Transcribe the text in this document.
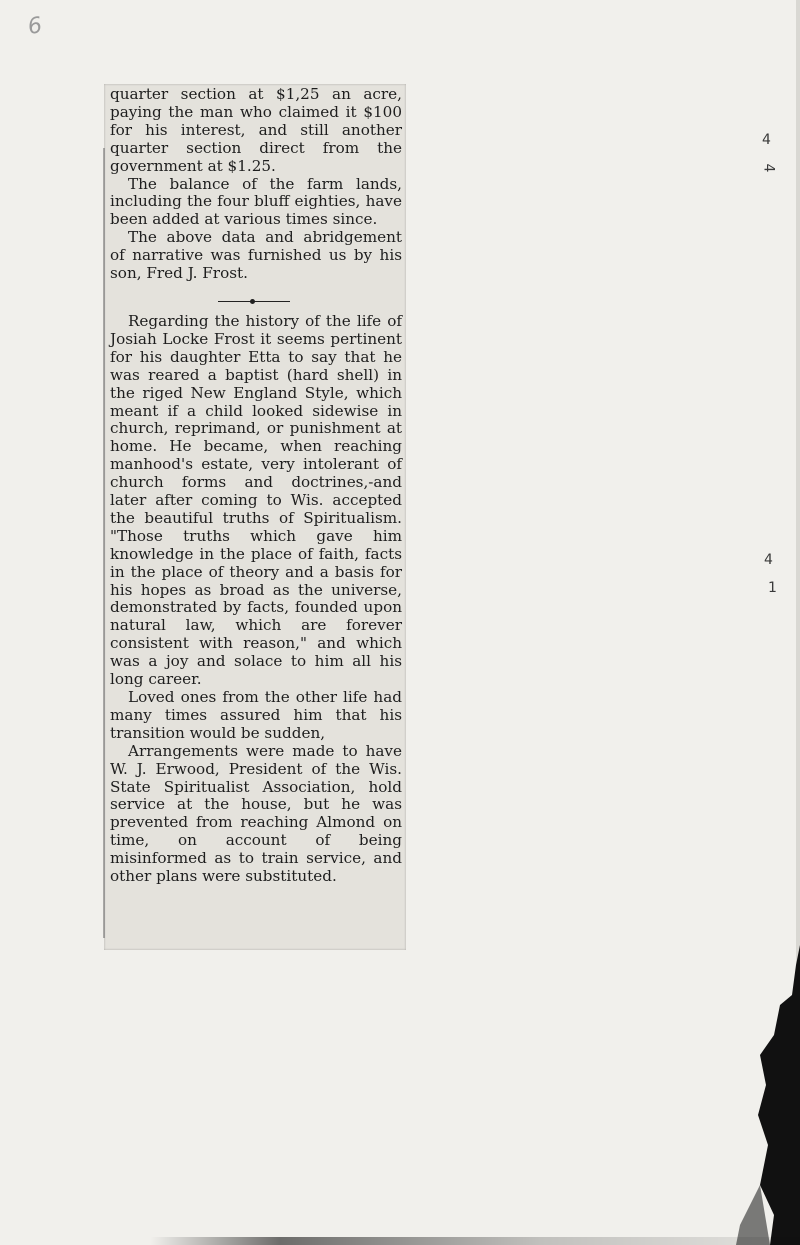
6

quarter section at $1,25 an acre, paying the man who claimed it $100 for his interest, and still another quarter section direct from the government at $1.25.

The balance of the farm lands, including the four bluff eighties, have been added at various times since.

The above data and abridgement of narrative was furnished us by his son, Fred J. Frost.

Regarding the history of the life of Josiah Locke Frost it seems pertinent for his daughter Etta to say that he was reared a baptist (hard shell) in the riged New England Style, which meant if a child looked sidewise in church, reprimand, or punishment at home. He became, when reaching manhood's estate, very intolerant of church forms and doctrines,-and later after coming to Wis. accepted the beautiful truths of Spiritualism. "Those truths which gave him knowledge in the place of faith, facts in the place of theory and a basis for his hopes as broad as the universe, demonstrated by facts, founded upon natural law, which are forever consistent with reason," and which was a joy and solace to him all his long career.

Loved ones from the other life had many times assured him that his transition would be sudden,

Arrangements were made to have W. J. Erwood, President of the Wis. State Spiritualist Association, hold service at the house, but he was prevented from reaching Almond on time, on account of being misinformed as to train service, and other plans were substituted.

4
4
4
1
